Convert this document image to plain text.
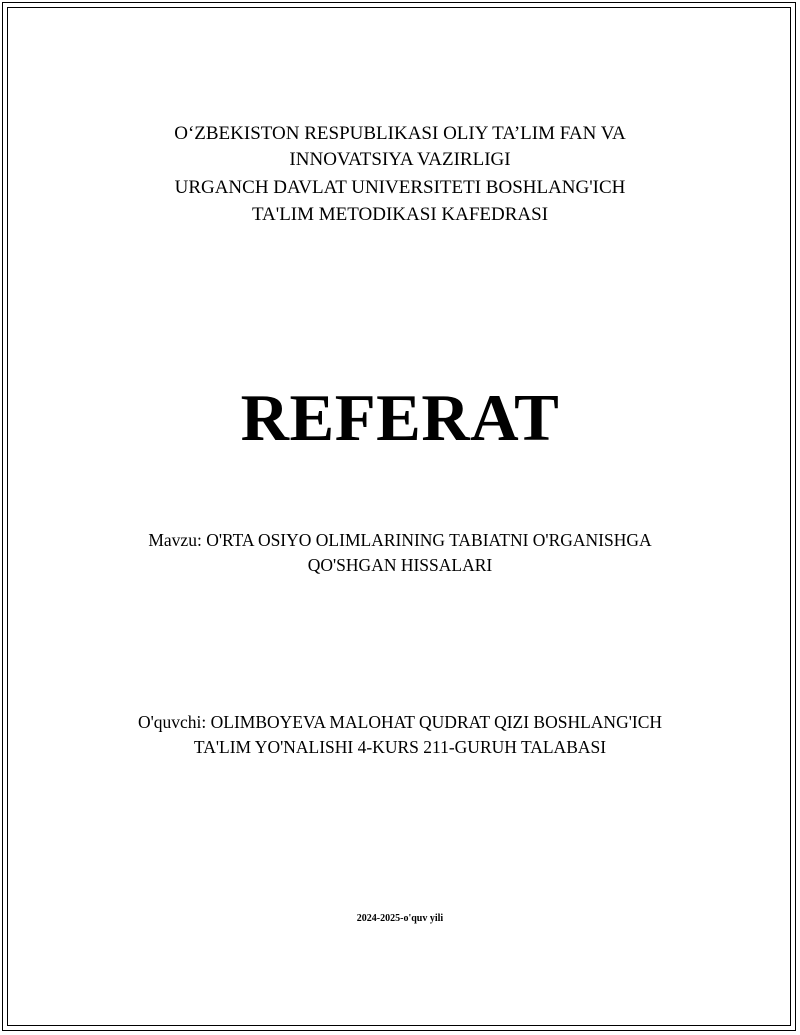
O‘ZBEKISTON RESPUBLIKASI OLIY TA’LIM FAN VA
INNOVATSIYA VAZIRLIGI
URGANCH DAVLAT UNIVERSITETI BOSHLANG'ICH
TA'LIM METODIKASI KAFEDRASI
REFERAT
Mavzu: O'RTA OSIYO OLIMLARINING TABIATNI O'RGANISHGA
QO'SHGAN HISSALARI
O'quvchi: OLIMBOYEVA MALOHAT QUDRAT QIZI BOSHLANG'ICH
TA'LIM YO'NALISHI 4-KURS 211-GURUH TALABASI
2024-2025-o'quv yili
